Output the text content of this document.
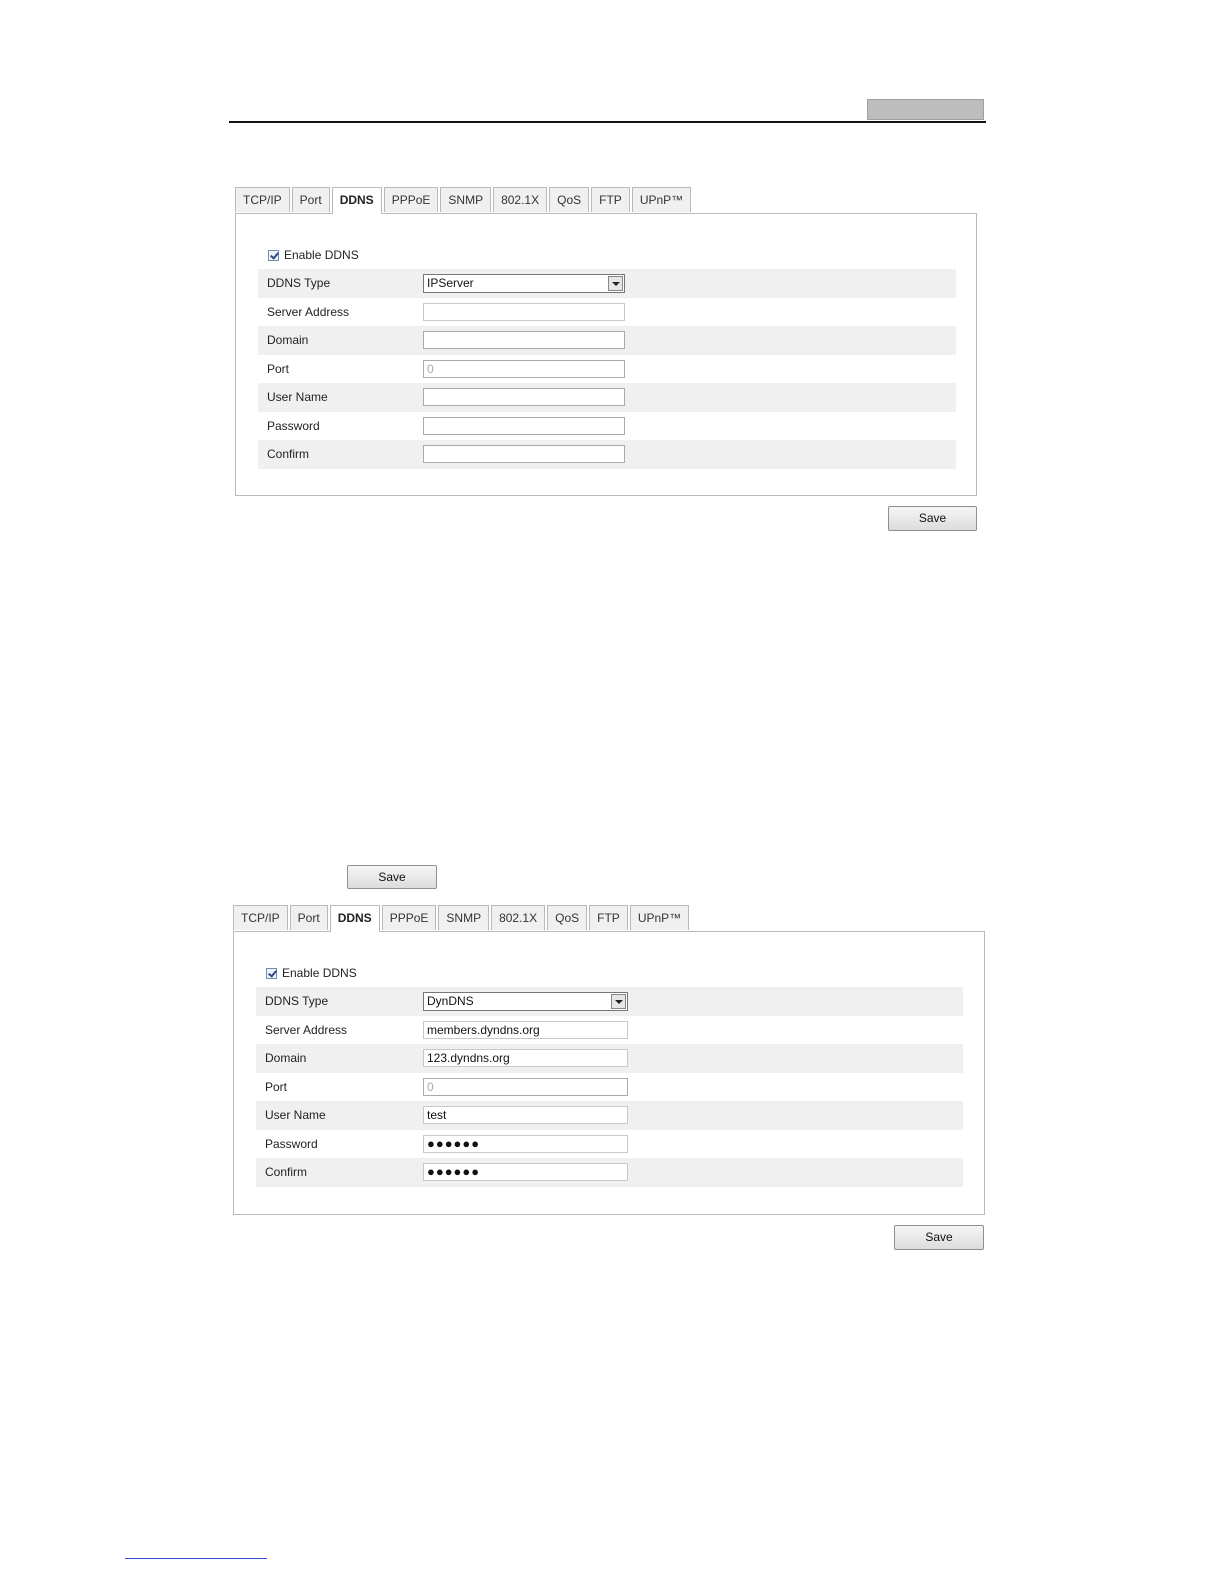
TCP/IP	Port	DDNS	PPPoE	SNMP	802.1X	QoS	FTP	UPnP™
Enable DDNS
DDNS Type	IPServer
Server Address
Domain
Port	0
User Name
Password
Confirm
Save
Save
TCP/IP	Port	DDNS	PPPoE	SNMP	802.1X	QoS	FTP	UPnP™
Enable DDNS
DDNS Type	DynDNS
Server Address	members.dyndns.org
Domain	123.dyndns.org
Port	0
User Name	test
Password	●●●●●●
Confirm	●●●●●●
Save
